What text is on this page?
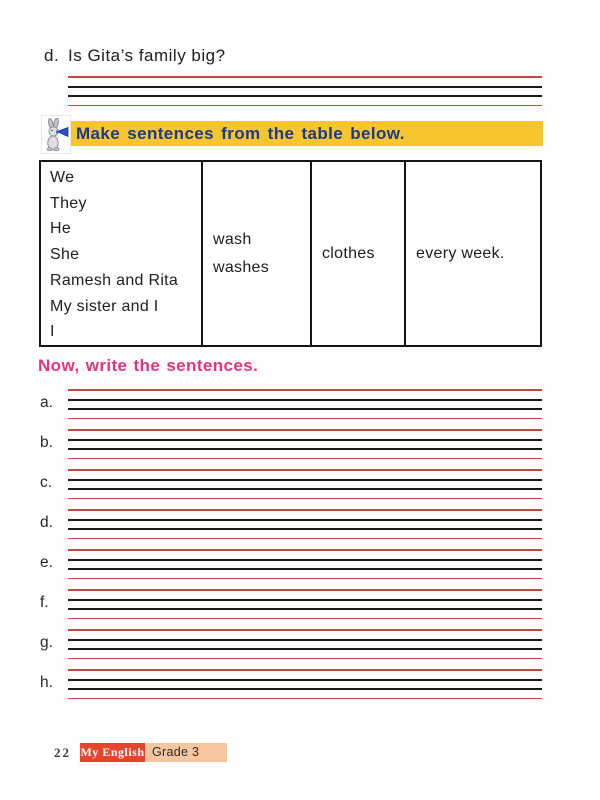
d. Is Gita’s family big?
Make sentences from the table below.
We
They
He
She
Ramesh and Rita
My sister and I
I
wash
washes
clothes	every week.
Now, write the sentences.
a.
b.
c.
d.
e.
f.
g.
h.
22 My English Grade 3
